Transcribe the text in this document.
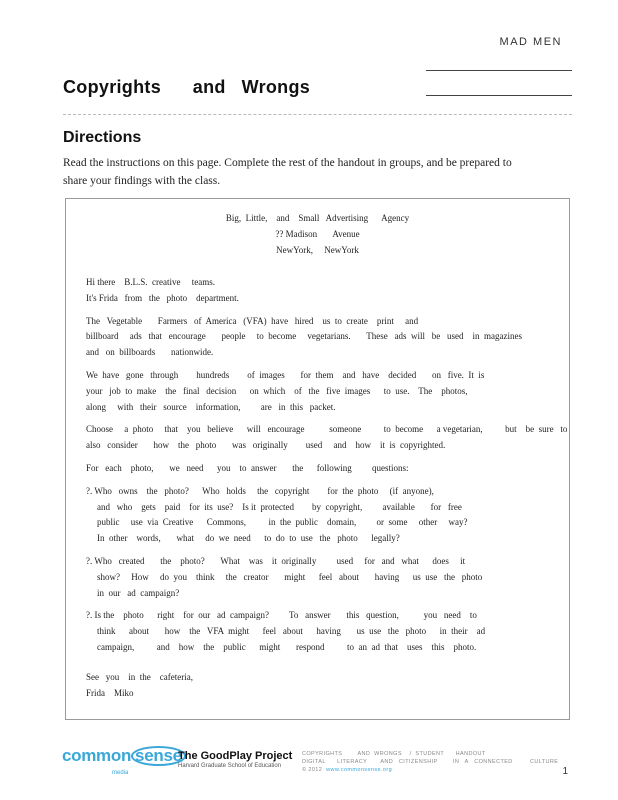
MAD MEN
Copyrights      and   Wrongs
Directions
Read the instructions on this page. Complete the rest of the handout in groups, and be prepared to share your findings with the class.
Big,  Little,    and    Small   Advertising      Agency
?? Madison       Avenue
NewYork,     NewYork

Hi there    B.L.S.  creative     teams.
It's Frida   from   the   photo    department.

The   Vegetable       Farmers   of  America   (VFA)  have   hired    us  to  create    print     and
billboard     ads   that   encourage       people     to  become     vegetarians.       These   ads  will   be   used    in  magazines
and   on  billboards       nationwide.

We  have   gone   through        hundreds        of  images       for  them    and   have    decided       on   five.  It  is
your   job  to  make    the   final   decision      on  which    of   the   five  images      to  use.    The    photos,
along     with   their   source    information,         are   in  this   packet.

Choose     a  photo     that    you   believe      will   encourage           someone          to  become      a vegetarian,          but    be  sure   to
also   consider       how    the   photo       was   originally        used     and    how    it  is  copyrighted.

For   each    photo,       we   need      you    to  answer       the      following         questions:

?. Who   owns    the   photo?      Who   holds     the   copyright        for  the  photo     (if  anyone),
and   who    gets    paid    for  its  use?    Is it  protected        by  copyright,         available       for   free
public     use  via  Creative      Commons,          in  the  public    domain,         or  some     other     way?
In  other    words,       what     do  we  need      to  do  to  use   the   photo      legally?
?. Who   created       the    photo?       What    was    it  originally         used     for   and   what      does     it
show?     How     do  you    think     the   creator       might      feel   about       having      us  use   the   photo
in  our   ad  campaign?
?. Is the    photo      right    for  our   ad  campaign?         To   answer       this   question,           you   need    to
think      about       how    the   VFA  might      feel   about      having       us  use   the   photo      in  their    ad
campaign,          and    how    the    public      might       respond          to  an  ad  that    uses    this    photo.

See   you    in  the    cafeteria,
Frida    Miko

common sense
media
The GoodPlay Project
Harvard Graduate School of Education
COPYRIGHTS        AND  WRONGS    /  STUDENT      HANDOUT
DIGITAL      LITERACY       AND   CITIZENSHIP        IN   A   CONNECTED         CULTURE
© 2012 www.commonsense.org	1
